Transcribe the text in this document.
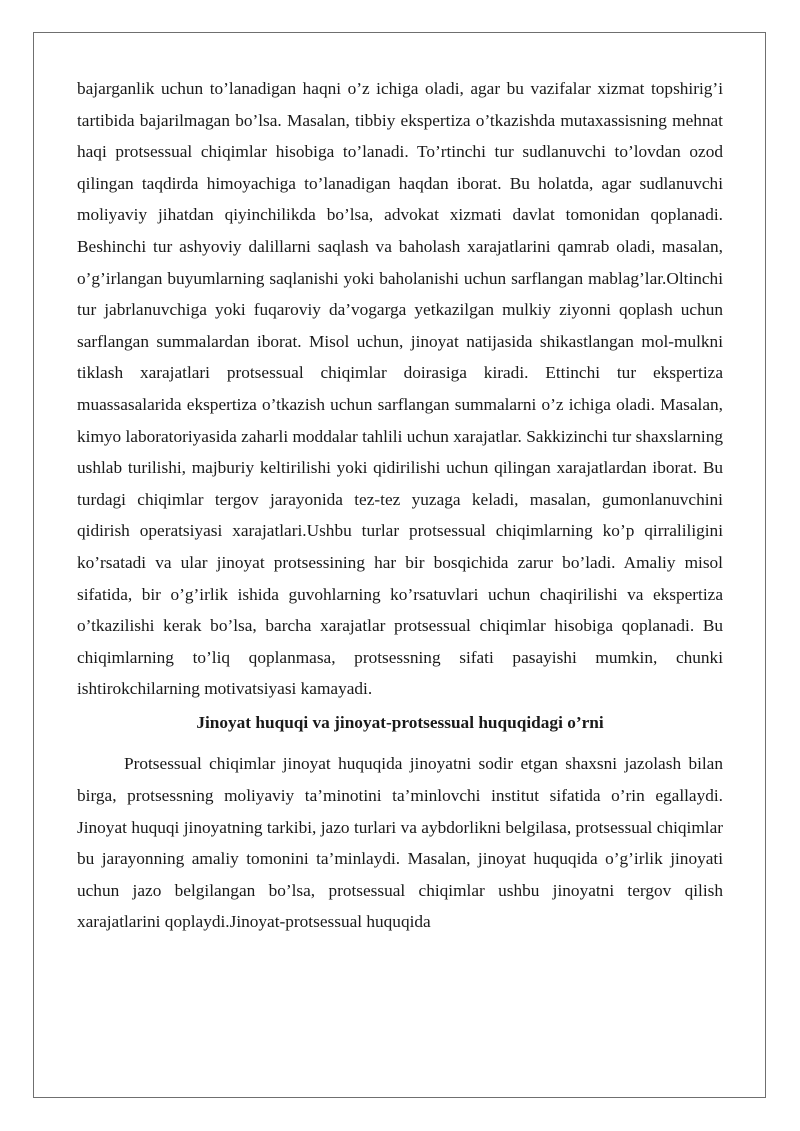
bajarganlik uchun to’lanadigan haqni o’z ichiga oladi, agar bu vazifalar xizmat topshirig’i tartibida bajarilmagan bo’lsa. Masalan, tibbiy ekspertiza o’tkazishda mutaxassisning mehnat haqi protsessual chiqimlar hisobiga to’lanadi. To’rtinchi tur sudlanuvchi to’lovdan ozod qilingan taqdirda himoyachiga to’lanadigan haqdan iborat. Bu holatda, agar sudlanuvchi moliyaviy jihatdan qiyinchilikda bo’lsa, advokat xizmati davlat tomonidan qoplanadi. Beshinchi tur ashyoviy dalillarni saqlash va baholash xarajatlarini qamrab oladi, masalan, o’g’irlangan buyumlarning saqlanishi yoki baholanishi uchun sarflangan mablag’lar.Oltinchi tur jabrlanuvchiga yoki fuqaroviy da’vogarga yetkazilgan mulkiy ziyonni qoplash uchun sarflangan summalardan iborat. Misol uchun, jinoyat natijasida shikastlangan mol-mulkni tiklash xarajatlari protsessual chiqimlar doirasiga kiradi. Ettinchi tur ekspertiza muassasalarida ekspertiza o’tkazish uchun sarflangan summalarni o’z ichiga oladi. Masalan, kimyo laboratoriyasida zaharli moddalar tahlili uchun xarajatlar. Sakkizinchi tur shaxslarning ushlab turilishi, majburiy keltirilishi yoki qidirilishi uchun qilingan xarajatlardan iborat. Bu turdagi chiqimlar tergov jarayonida tez-tez yuzaga keladi, masalan, gumonlanuvchini qidirish operatsiyasi xarajatlari.Ushbu turlar protsessual chiqimlarning ko’p qirraliligini ko’rsatadi va ular jinoyat protsessining har bir bosqichida zarur bo’ladi. Amaliy misol sifatida, bir o’g’irlik ishida guvohlarning ko’rsatuvlari uchun chaqirilishi va ekspertiza o’tkazilishi kerak bo’lsa, barcha xarajatlar protsessual chiqimlar hisobiga qoplanadi. Bu chiqimlarning to’liq qoplanmasa, protsessning sifati pasayishi mumkin, chunki ishtirokchilarning motivatsiyasi kamayadi.

Jinoyat huquqi va jinoyat-protsessual huquqidagi o’rni

Protsessual chiqimlar jinoyat huquqida jinoyatni sodir etgan shaxsni jazolash bilan birga, protsessning moliyaviy ta’minotini ta’minlovchi institut sifatida o’rin egallaydi. Jinoyat huquqi jinoyatning tarkibi, jazo turlari va aybdorlikni belgilasa, protsessual chiqimlar bu jarayonning amaliy tomonini ta’minlaydi. Masalan, jinoyat huquqida o’g’irlik jinoyati uchun jazo belgilangan bo’lsa, protsessual chiqimlar ushbu jinoyatni tergov qilish xarajatlarini qoplaydi.Jinoyat-protsessual huquqida
